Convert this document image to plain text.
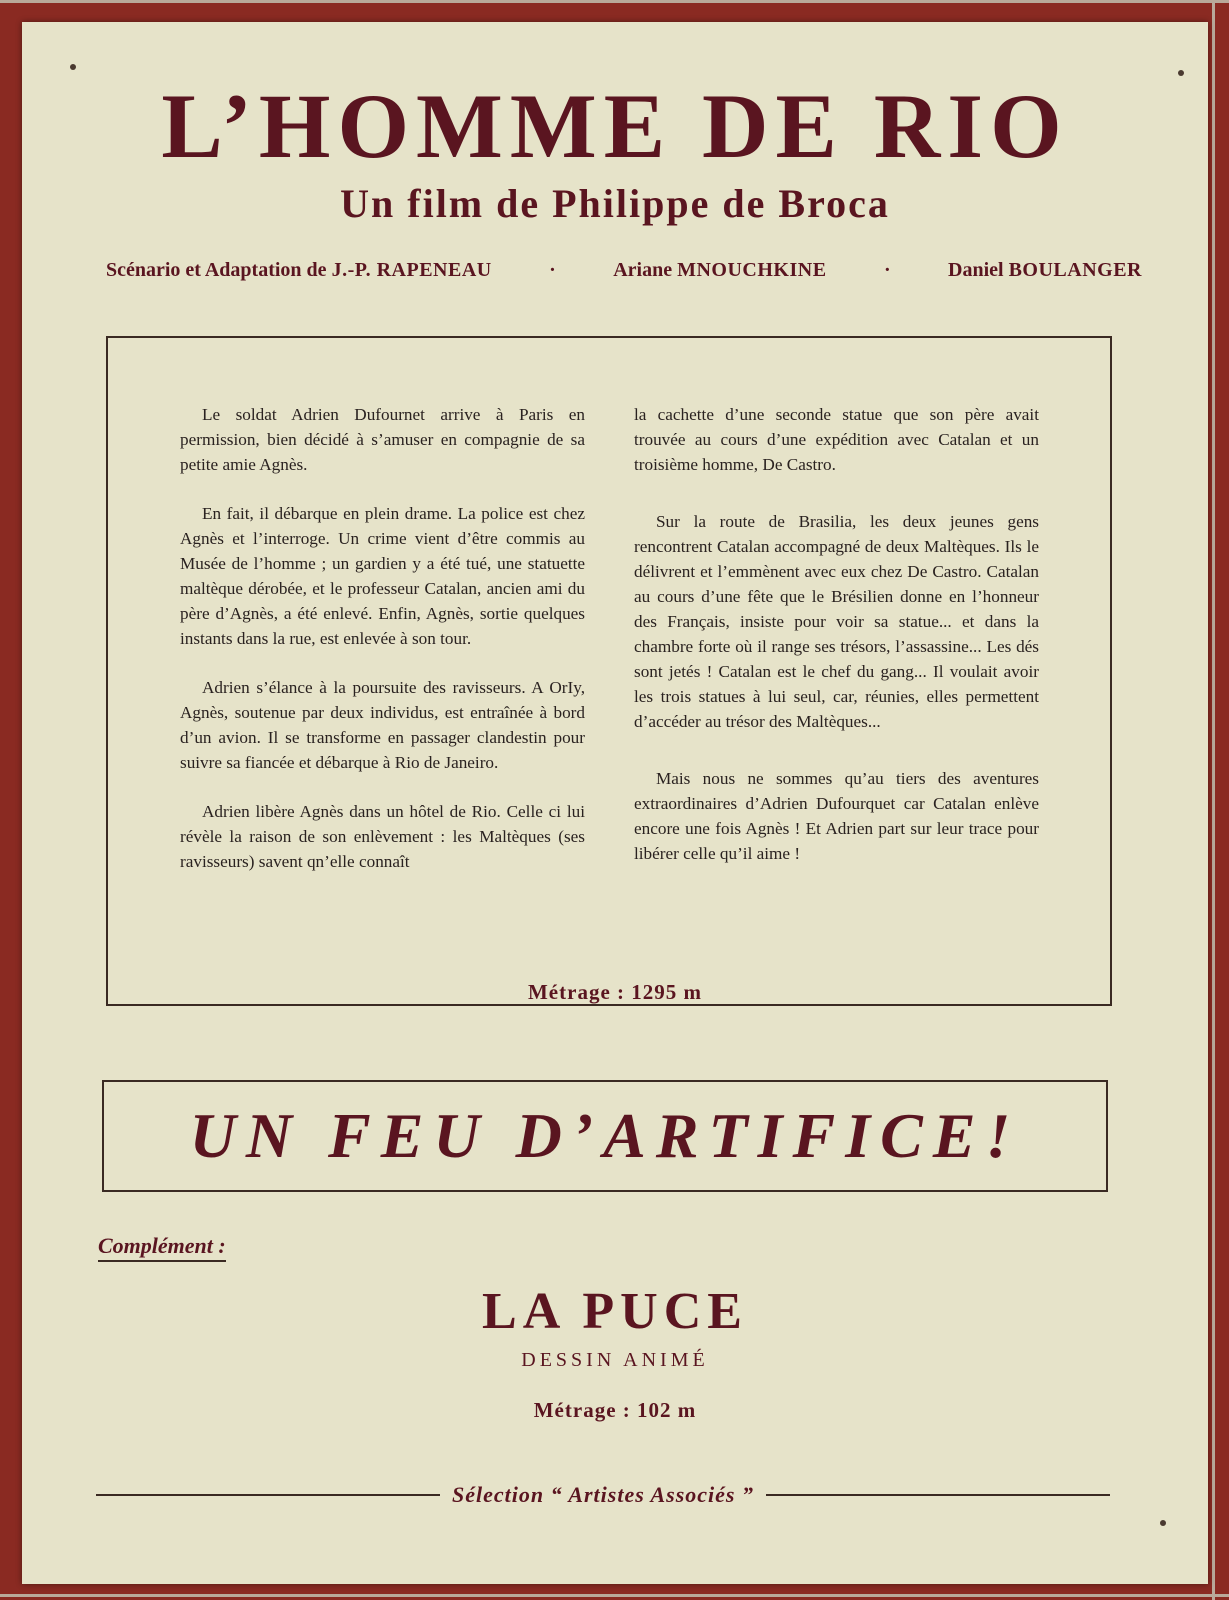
L’HOMME DE RIO
Un film de Philippe de Broca
Scénario et Adaptation de J.-P. RAPENEAU	·	Ariane MNOUCHKINE	·	Daniel BOULANGER

Le soldat Adrien Dufournet arrive à Paris en permission, bien décidé à s’amuser en compagnie de sa petite amie Agnès.

En fait, il débarque en plein drame. La police est chez Agnès et l’interroge. Un crime vient d’être commis au Musée de l’homme ; un gardien y a été tué, une statuette maltèque dérobée, et le professeur Catalan, ancien ami du père d’Agnès, a été enlevé. Enfin, Agnès, sortie quelques instants dans la rue, est enlevée à son tour.

Adrien s’élance à la poursuite des ravisseurs. A OrIy, Agnès, soutenue par deux individus, est entraînée à bord d’un avion. Il se transforme en passager clandestin pour suivre sa fiancée et débarque à Rio de Janeiro.

Adrien libère Agnès dans un hôtel de Rio. Celle ci lui révèle la raison de son enlèvement : les Maltèques (ses ravisseurs) savent qn’elle connaît

la cachette d’une seconde statue que son père avait trouvée au cours d’une expédition avec Catalan et un troisième homme, De Castro.

Sur la route de Brasilia, les deux jeunes gens rencontrent Catalan accompagné de deux Maltèques. Ils le délivrent et l’emmènent avec eux chez De Castro. Catalan au cours d’une fête que le Brésilien donne en l’honneur des Français, insiste pour voir sa statue... et dans la chambre forte où il range ses trésors, l’assassine... Les dés sont jetés ! Catalan est le chef du gang... Il voulait avoir les trois statues à lui seul, car, réunies, elles permettent d’accéder au trésor des Maltèques...

Mais nous ne sommes qu’au tiers des aventures extraordinaires d’Adrien Dufourquet car Catalan enlève encore une fois Agnès ! Et Adrien part sur leur trace pour libérer celle qu’il aime !

Métrage : 1295 m
UN FEU D’ARTIFICE!
Complément :
LA PUCE
DESSIN ANIMÉ
Métrage : 102 m
Sélection “ Artistes Associés ”
